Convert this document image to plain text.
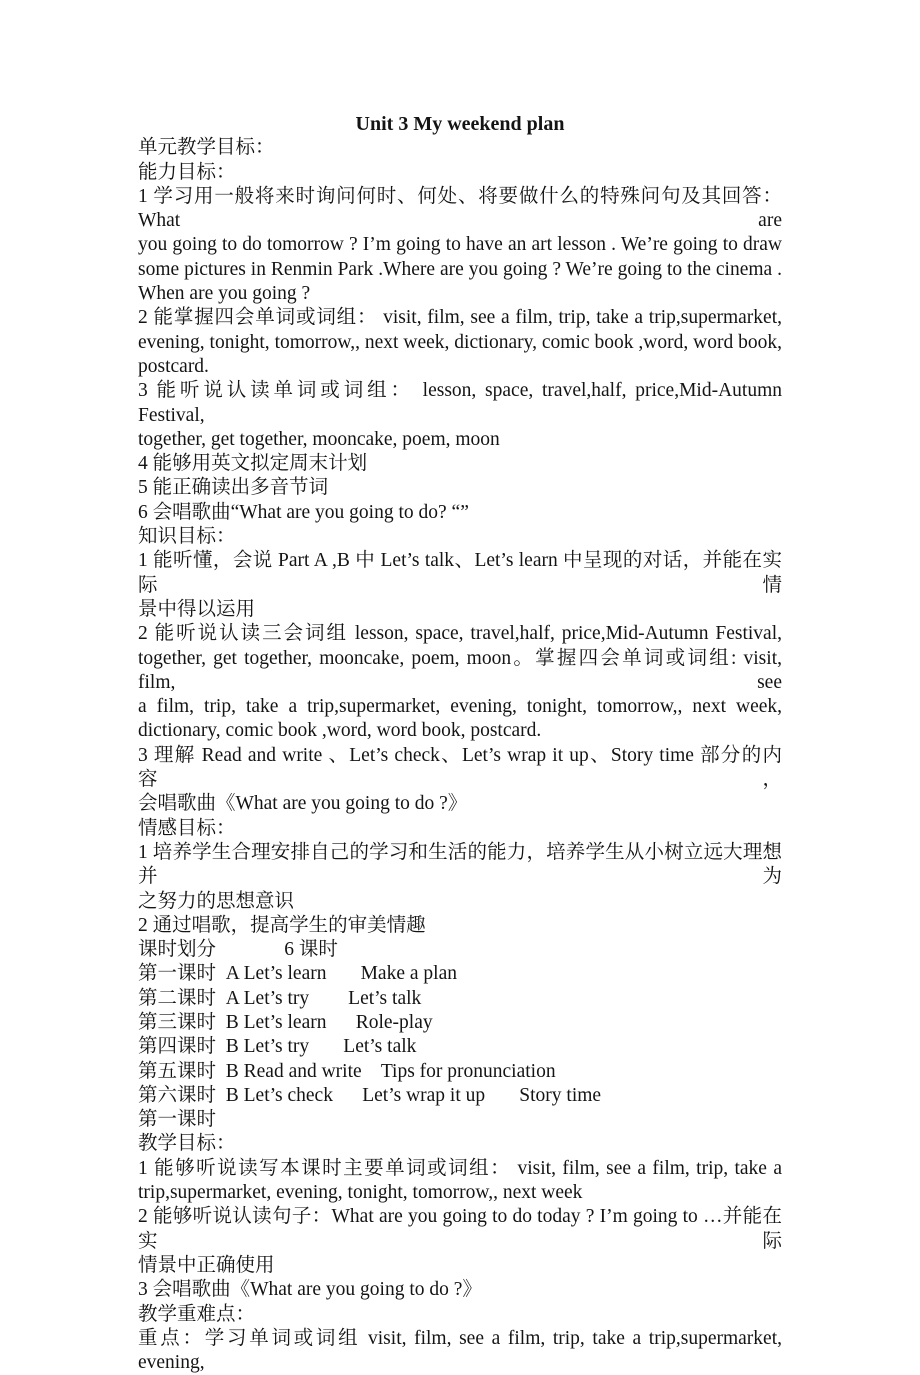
Unit 3 My weekend plan
单元教学目标：
能力目标：
1 学习用一般将来时询问何时、何处、将要做什么的特殊问句及其回答：What are
you going to do tomorrow ? I’m going to have an art lesson . We’re going to draw
some pictures in Renmin Park .Where are you going ? We’re going to the cinema .
When are you going ?
2 能掌握四会单词或词组： visit, film, see a film, trip, take a trip,supermarket,
evening, tonight, tomorrow,, next week, dictionary, comic book ,word, word book,
postcard.
3 能听说认读单词或词组： lesson, space, travel,half, price,Mid-Autumn Festival,
together, get together, mooncake, poem, moon
4 能够用英文拟定周末计划
5 能正确读出多音节词
6 会唱歌曲“What are you going to do? “”
知识目标：
1 能听懂，会说 Part A ,B 中 Let’s talk、Let’s learn 中呈现的对话，并能在实际情
景中得以运用
2 能听说认读三会词组 lesson, space, travel,half, price,Mid-Autumn Festival,
together, get together, mooncake, poem, moon。掌握四会单词或词组: visit, film, see
a film, trip, take a trip,supermarket, evening, tonight, tomorrow,, next week,
dictionary, comic book ,word, word book, postcard.
3 理解 Read and write 、Let’s check、Let’s wrap it up、Story time 部分的内容，
会唱歌曲《What are you going to do ?》
情感目标：
1 培养学生合理安排自己的学习和生活的能力，培养学生从小树立远大理想并为
之努力的思想意识
2 通过唱歌，提高学生的审美情趣
课时划分              6 课时
第一课时  A Let’s learn       Make a plan
第二课时  A Let’s try        Let’s talk
第三课时  B Let’s learn      Role-play
第四课时  B Let’s try       Let’s talk
第五课时  B Read and write    Tips for pronunciation
第六课时  B Let’s check      Let’s wrap it up       Story time
第一课时
教学目标：
1 能够听说读写本课时主要单词或词组： visit, film, see a film, trip, take a
trip,supermarket, evening, tonight, tomorrow,, next week
2 能够听说认读句子：What are you going to do today ? I’m going to …并能在实际
情景中正确使用
3 会唱歌曲《What are you going to do ?》
教学重难点：
重点：学习单词或词组 visit, film, see a film, trip, take a trip,supermarket, evening,
